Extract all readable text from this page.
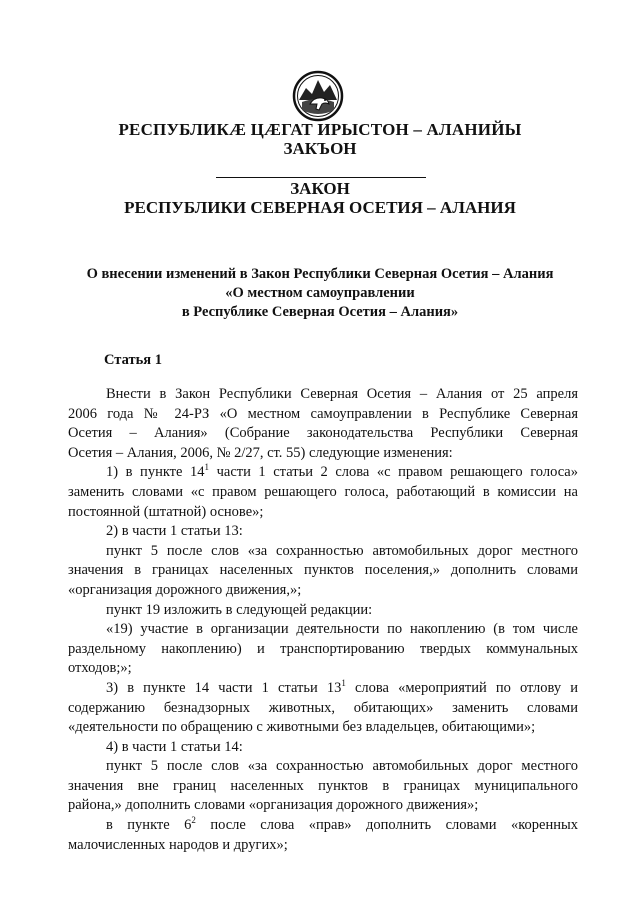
РЕСПУБЛИКӔ ЦӔГАТ ИРЫСТОН – АЛАНИЙЫ
ЗАКЪОН
ЗАКОН
РЕСПУБЛИКИ СЕВЕРНАЯ ОСЕТИЯ – АЛАНИЯ
О внесении изменений в Закон Республики Северная Осетия – Алания
«О местном самоуправлении
в Республике Северная Осетия – Алания»
Статья 1
Внести в Закон Республики Северная Осетия – Алания от 25 апреля
2006 года № 24-РЗ «О местном самоуправлении в Республике Северная
Осетия – Алания» (Собрание законодательства Республики Северная
Осетия – Алания, 2006, № 2/27, ст. 55) следующие изменения:
1) в пункте $14^1$ части 1 статьи 2 слова «с правом решающего голоса»
заменить словами «с правом решающего голоса, работающий в комиссии на
постоянной (штатной) основе»;
2) в части 1 статьи 13:
пункт 5 после слов «за сохранностью автомобильных дорог местного
значения в границах населенных пунктов поселения,» дополнить словами
«организация дорожного движения,»;
пункт 19 изложить в следующей редакции:
«19) участие в организации деятельности по накоплению (в том числе
раздельному накоплению) и транспортированию твердых коммунальных
отходов;»;
3) в пункте 14 части 1 статьи $13^1$ слова «мероприятий по отлову и
содержанию безнадзорных животных, обитающих» заменить словами
«деятельности по обращению с животными без владельцев, обитающими»;
4) в части 1 статьи 14:
пункт 5 после слов «за сохранностью автомобильных дорог местного
значения вне границ населенных пунктов в границах муниципального
района,» дополнить словами «организация дорожного движения»;
в пункте $6^2$ после слова «прав» дополнить словами «коренных
малочисленных народов и других»;
